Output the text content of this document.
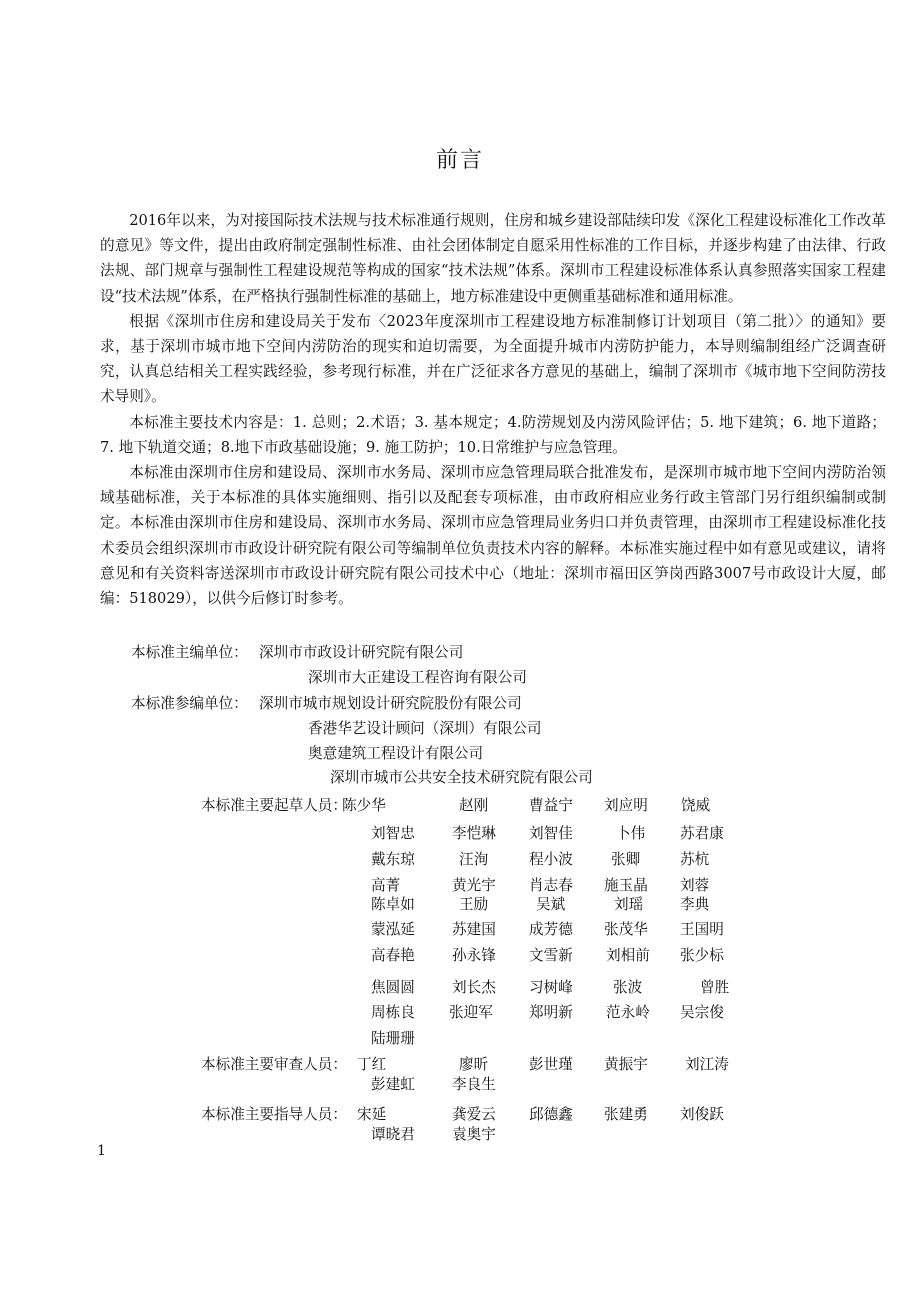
前言

2016年以来，为对接国际技术法规与技术标准通行规则，住房和城乡建设部陆续印发《深化工程建设标准化工作改革的意见》等文件，提出由政府制定强制性标准、由社会团体制定自愿采用性标准的工作目标，并逐步构建了由法律、行政法规、部门规章与强制性工程建设规范等构成的国家“技术法规”体系。深圳市工程建设标准体系认真参照落实国家工程建设“技术法规”体系，在严格执行强制性标准的基础上，地方标准建设中更侧重基础标准和通用标准。

根据《深圳市住房和建设局关于发布〈2023年度深圳市工程建设地方标准制修订计划项目（第二批）〉的通知》要求，基于深圳市城市地下空间内涝防治的现实和迫切需要，为全面提升城市内涝防护能力，本导则编制组经广泛调查研究，认真总结相关工程实践经验，参考现行标准，并在广泛征求各方意见的基础上，编制了深圳市《城市地下空间防涝技术导则》。

本标准主要技术内容是：1. 总则；2.术语；3. 基本规定；4.防涝规划及内涝风险评估；5. 地下建筑；6. 地下道路；7. 地下轨道交通；8.地下市政基础设施；9. 施工防护；10.日常维护与应急管理。

本标准由深圳市住房和建设局、深圳市水务局、深圳市应急管理局联合批准发布，是深圳市城市地下空间内涝防治领域基础标准，关于本标准的具体实施细则、指引以及配套专项标准，由市政府相应业务行政主管部门另行组织编制或制定。本标准由深圳市住房和建设局、深圳市水务局、深圳市应急管理局业务归口并负责管理，由深圳市工程建设标准化技术委员会组织深圳市市政设计研究院有限公司等编制单位负责技术内容的解释。本标准实施过程中如有意见或建议，请将意见和有关资料寄送深圳市市政设计研究院有限公司技术中心（地址：深圳市福田区笋岗西路3007号市政设计大厦，邮编：518029），以供今后修订时参考。

本标准主编单位： 深圳市市政设计研究院有限公司
深圳市大正建设工程咨询有限公司
本标准参编单位： 深圳市城市规划设计研究院股份有限公司
香港华艺设计顾问（深圳）有限公司
奥意建筑工程设计有限公司
深圳市城市公共安全技术研究院有限公司
本标准主要起草人员：
陈少华	赵刚	曹益宁 刘应明 饶威
刘智忠	李恺琳 刘智佳	卜伟 苏君康
戴东琼	汪洵	程小波	张卿	苏杭
高菁	黄光宇 肖志春 施玉晶 刘蓉
陈卓如	王励	吴斌	刘瑶	李典
蒙泓延	苏建国 成芳德 张茂华 王国明
高春艳	孙永锋 文雪新 刘相前 张少标
焦圆圆	刘长杰 习树峰	张波	曾胜
周栋良 张迎军 郑明新 范永岭 吴宗俊
陆珊珊
本标准主要审查人员： 丁红	廖昕	彭世瑾 黄振宇	刘江涛
彭建虹	李良生
本标准主要指导人员： 宋延	龚爱云 邱德鑫 张建勇 刘俊跃
谭晓君	袁奥宇
1
